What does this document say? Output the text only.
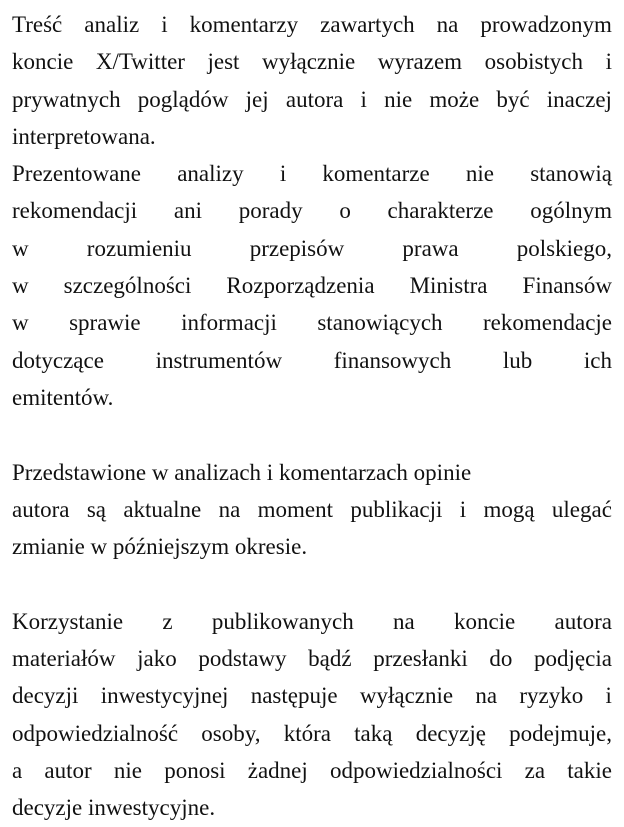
Treść analiz i komentarzy zawartych na prowadzonym
koncie X/Twitter jest wyłącznie wyrazem osobistych i
prywatnych poglądów jej autora i nie może być inaczej
interpretowana.
Prezentowane analizy i komentarze nie stanowią
rekomendacji ani porady o charakterze ogólnym
w	rozumieniu	przepisów	prawa	polskiego,
w szczególności Rozporządzenia Ministra Finansów
w sprawie informacji stanowiących rekomendacje
dotyczące instrumentów finansowych lub ich
emitentów.
Przedstawione w analizach i komentarzach opinie
autora są aktualne na moment publikacji i mogą ulegać
zmianie w późniejszym okresie.
Korzystanie z publikowanych na koncie autora
materiałów jako podstawy bądź przesłanki do podjęcia
decyzji inwestycyjnej następuje wyłącznie na ryzyko i
odpowiedzialność osoby, która taką decyzję podejmuje,
a autor nie ponosi żadnej odpowiedzialności za takie
decyzje inwestycyjne.
